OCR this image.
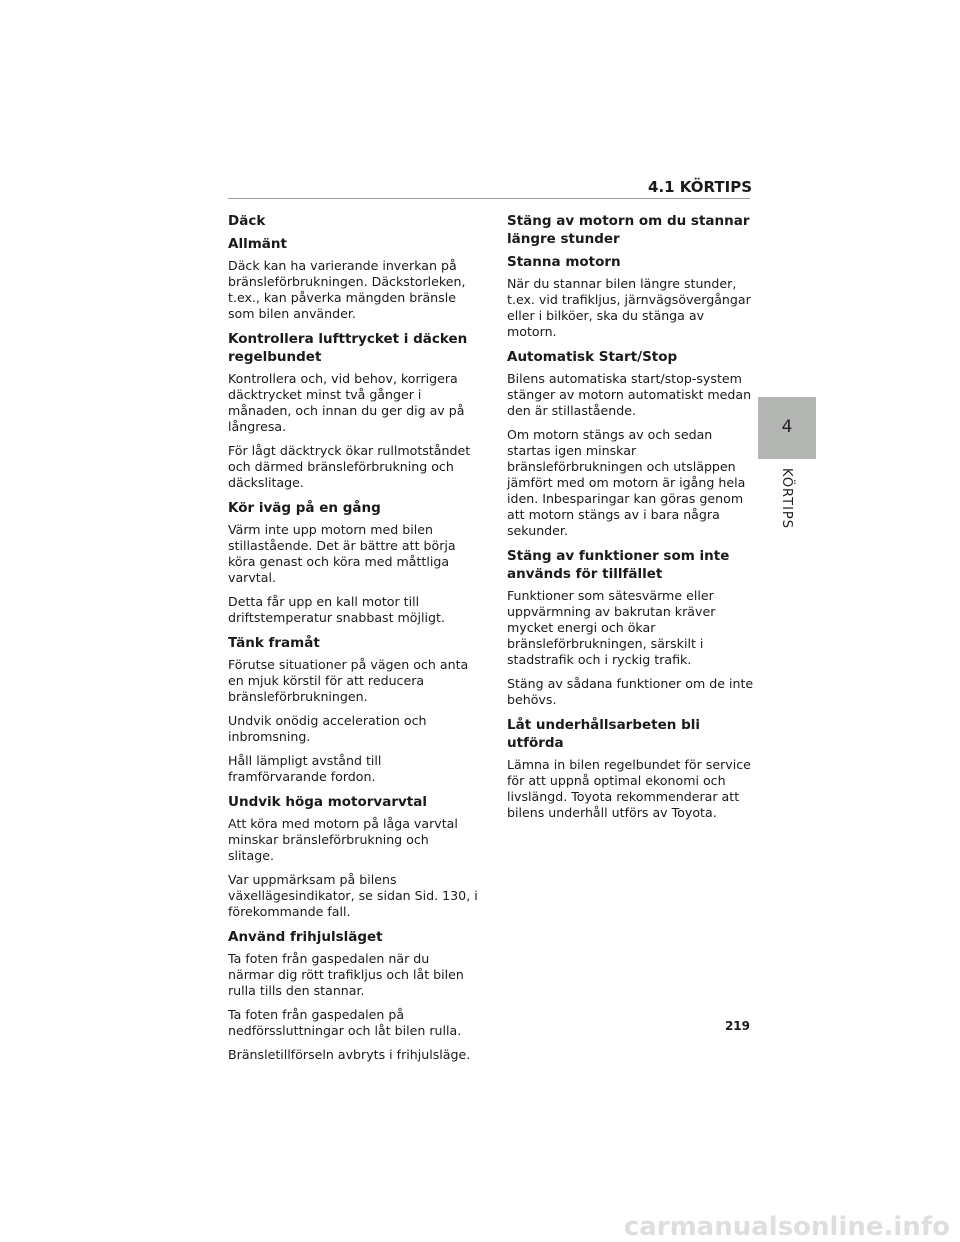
4.1 KÖRTIPS
Däck
Allmänt

Däck kan ha varierande inverkan på bränsleförbrukningen. Däckstorleken, t.ex., kan påverka mängden bränsle som bilen använder.

Kontrollera lufttrycket i däcken regelbundet

Kontrollera och, vid behov, korrigera däcktrycket minst två gånger i månaden, och innan du ger dig av på långresa.

För lågt däcktryck ökar rullmotståndet och därmed bränsleförbrukning och däckslitage.

Kör iväg på en gång

Värm inte upp motorn med bilen stillastående. Det är bättre att börja köra genast och köra med måttliga varvtal.

Detta får upp en kall motor till driftstemperatur snabbast möjligt.

Tänk framåt

Förutse situationer på vägen och anta en mjuk körstil för att reducera bränsleförbrukningen.

Undvik onödig acceleration och inbromsning.

Håll lämpligt avstånd till framförvarande fordon.

Undvik höga motorvarvtal

Att köra med motorn på låga varvtal minskar bränsleförbrukning och slitage.

Var uppmärksam på bilens växellägesindikator, se sidan Sid. 130, i förekommande fall.

Använd frihjulsläget

Ta foten från gaspedalen när du närmar dig rött trafikljus och låt bilen rulla tills den stannar.

Ta foten från gaspedalen på nedförssluttningar och låt bilen rulla.

Bränsletillförseln avbryts i frihjulsläge.

Stäng av motorn om du stannar längre stunder
Stanna motorn

När du stannar bilen längre stunder, t.ex. vid trafikljus, järnvägsövergångar eller i bilköer, ska du stänga av motorn.

Automatisk Start/Stop

Bilens automatiska start/stop-system stänger av motorn automatiskt medan den är stillastående.

Om motorn stängs av och sedan startas igen minskar bränsleförbrukningen och utsläppen jämfört med om motorn är igång hela iden. Inbesparingar kan göras genom att motorn stängs av i bara några sekunder.

Stäng av funktioner som inte används för tillfället

Funktioner som sätesvärme eller uppvärmning av bakrutan kräver mycket energi och ökar bränsleförbrukningen, särskilt i stadstrafik och i ryckig trafik.

Stäng av sådana funktioner om de inte behövs.

Låt underhållsarbeten bli utförda

Lämna in bilen regelbundet för service för att uppnå optimal ekonomi och livslängd. Toyota rekommenderar att bilens underhåll utförs av Toyota.

4
KÖRTIPS
219
carmanualsonline.info
